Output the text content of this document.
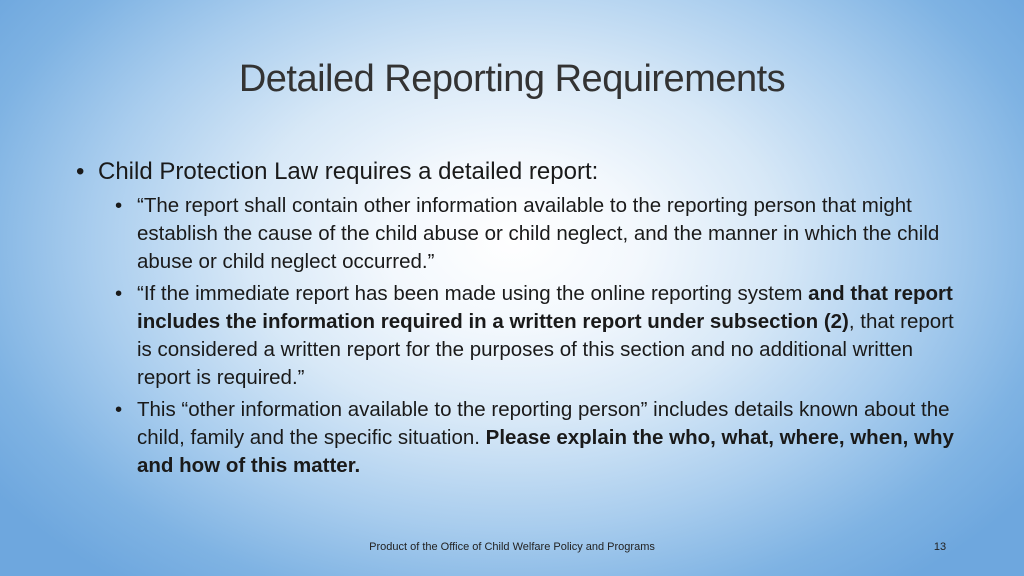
Detailed Reporting Requirements
• Child Protection Law requires a detailed report:
• “The report shall contain other information available to the reporting person that might establish the cause of the child abuse or child neglect, and the manner in which the child abuse or child neglect occurred.”
• “If the immediate report has been made using the online reporting system and that report includes the information required in a written report under subsection (2), that report is considered a written report for the purposes of this section and no additional written report is required.”
• This “other information available to the reporting person” includes details known about the child, family and the specific situation. Please explain the who, what, where, when, why and how of this matter.
Product of the Office of Child Welfare Policy and Programs	13
